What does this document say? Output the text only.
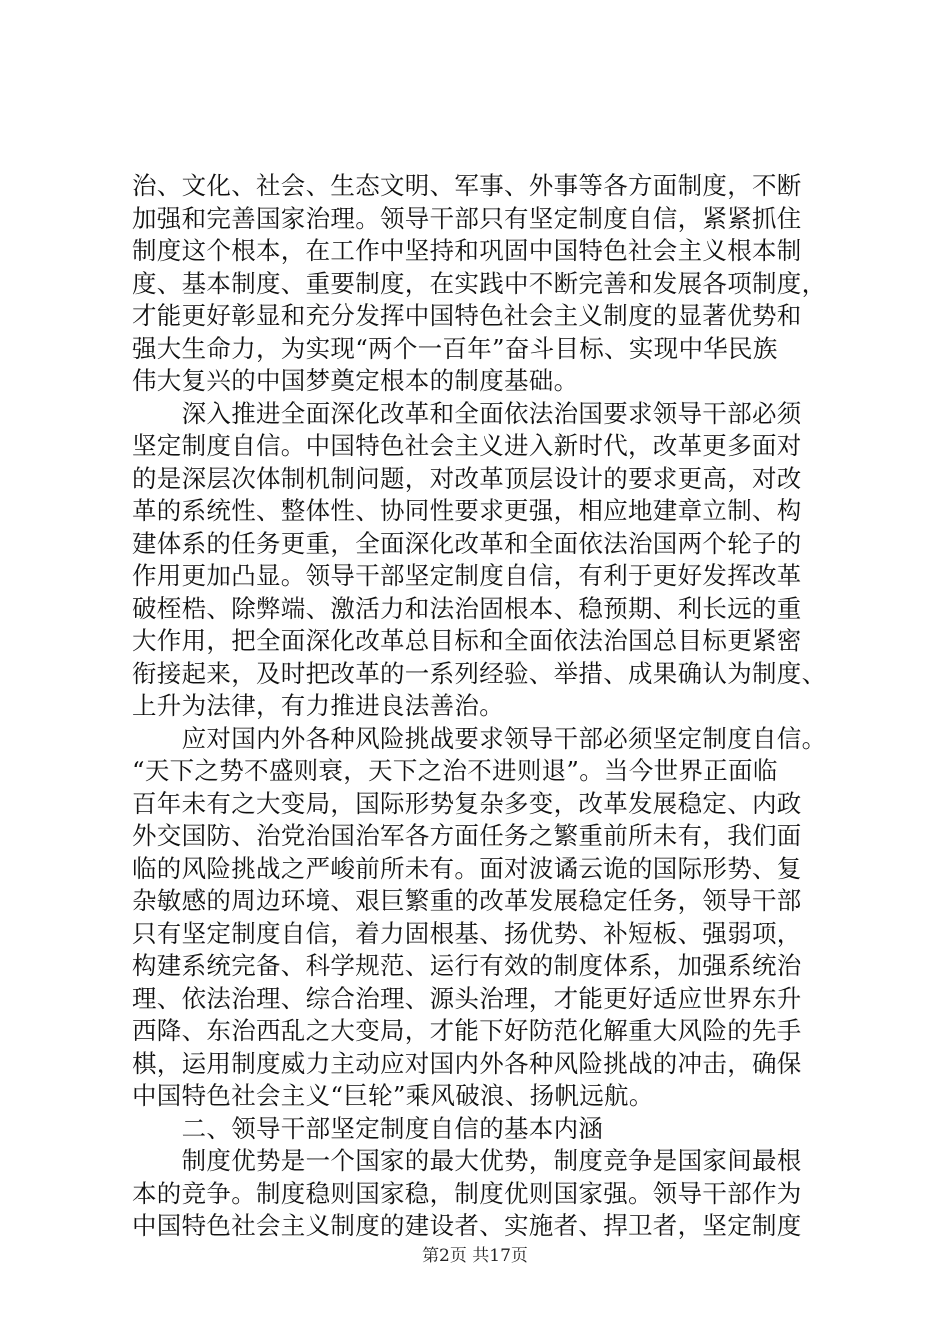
治、文化、社会、生态文明、军事、外事等各方面制度，不断
加强和完善国家治理。领导干部只有坚定制度自信，紧紧抓住
制度这个根本，在工作中坚持和巩固中国特色社会主义根本制
度、基本制度、重要制度，在实践中不断完善和发展各项制度，
才能更好彰显和充分发挥中国特色社会主义制度的显著优势和
强大生命力，为实现“两个一百年”奋斗目标、实现中华民族
伟大复兴的中国梦奠定根本的制度基础。
　　深入推进全面深化改革和全面依法治国要求领导干部必须
坚定制度自信。中国特色社会主义进入新时代，改革更多面对
的是深层次体制机制问题，对改革顶层设计的要求更高，对改
革的系统性、整体性、协同性要求更强，相应地建章立制、构
建体系的任务更重，全面深化改革和全面依法治国两个轮子的
作用更加凸显。领导干部坚定制度自信，有利于更好发挥改革
破桎梏、除弊端、激活力和法治固根本、稳预期、利长远的重
大作用，把全面深化改革总目标和全面依法治国总目标更紧密
衔接起来，及时把改革的一系列经验、举措、成果确认为制度、
上升为法律，有力推进良法善治。
　　应对国内外各种风险挑战要求领导干部必须坚定制度自信。
“天下之势不盛则衰，天下之治不进则退”。当今世界正面临
百年未有之大变局，国际形势复杂多变，改革发展稳定、内政
外交国防、治党治国治军各方面任务之繁重前所未有，我们面
临的风险挑战之严峻前所未有。面对波谲云诡的国际形势、复
杂敏感的周边环境、艰巨繁重的改革发展稳定任务，领导干部
只有坚定制度自信，着力固根基、扬优势、补短板、强弱项，
构建系统完备、科学规范、运行有效的制度体系，加强系统治
理、依法治理、综合治理、源头治理，才能更好适应世界东升
西降、东治西乱之大变局，才能下好防范化解重大风险的先手
棋，运用制度威力主动应对国内外各种风险挑战的冲击，确保
中国特色社会主义“巨轮”乘风破浪、扬帆远航。
　　二、领导干部坚定制度自信的基本内涵
　　制度优势是一个国家的最大优势，制度竞争是国家间最根
本的竞争。制度稳则国家稳，制度优则国家强。领导干部作为
中国特色社会主义制度的建设者、实施者、捍卫者，坚定制度
第2页 共17页
